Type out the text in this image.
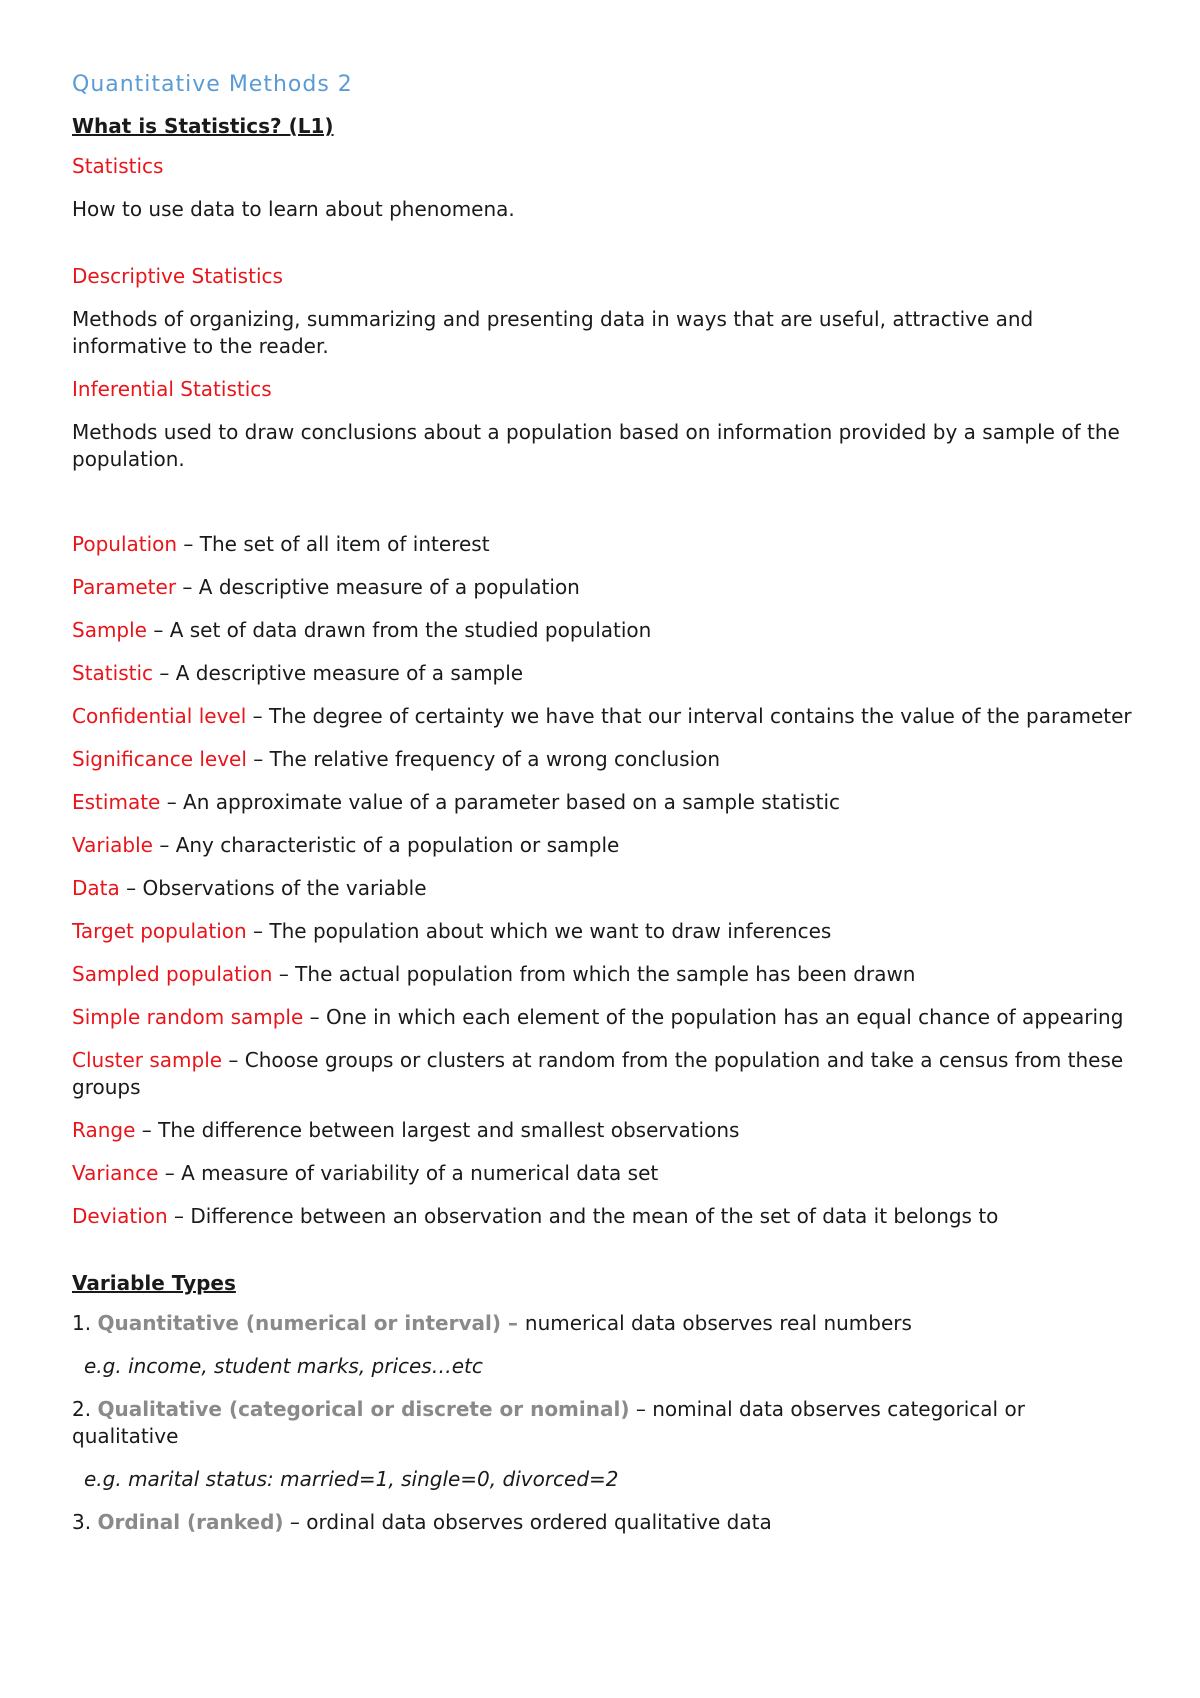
Quantitative Methods 2
What is Statistics? (L1)
Statistics
How to use data to learn about phenomena.
Descriptive Statistics
Methods of organizing, summarizing and presenting data in ways that are useful, attractive and informative to the reader.
Inferential Statistics
Methods used to draw conclusions about a population based on information provided by a sample of the population.
Population – The set of all item of interest
Parameter – A descriptive measure of a population
Sample – A set of data drawn from the studied population
Statistic – A descriptive measure of a sample
Confidential level – The degree of certainty we have that our interval contains the value of the parameter
Significance level – The relative frequency of a wrong conclusion
Estimate – An approximate value of a parameter based on a sample statistic
Variable – Any characteristic of a population or sample
Data – Observations of the variable
Target population – The population about which we want to draw inferences
Sampled population – The actual population from which the sample has been drawn
Simple random sample – One in which each element of the population has an equal chance of appearing
Cluster sample – Choose groups or clusters at random from the population and take a census from these groups
Range – The difference between largest and smallest observations
Variance – A measure of variability of a numerical data set
Deviation – Difference between an observation and the mean of the set of data it belongs to
Variable Types
1. Quantitative (numerical or interval) – numerical data observes real numbers
e.g. income, student marks, prices…etc
2. Qualitative (categorical or discrete or nominal) – nominal data observes categorical or qualitative
e.g. marital status: married=1, single=0, divorced=2
3. Ordinal (ranked) – ordinal data observes ordered qualitative data
